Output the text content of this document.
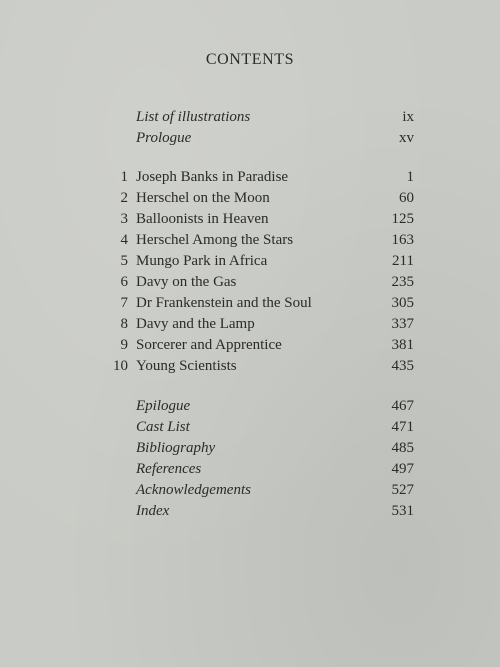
CONTENTS
List of illustrations	ix
Prologue	xv
1 Joseph Banks in Paradise	1
2 Herschel on the Moon	60
3 Balloonists in Heaven	125
4 Herschel Among the Stars	163
5 Mungo Park in Africa	211
6 Davy on the Gas	235
7 Dr Frankenstein and the Soul	305
8 Davy and the Lamp	337
9 Sorcerer and Apprentice	381
10 Young Scientists	435
Epilogue	467
Cast List	471
Bibliography	485
References	497
Acknowledgements	527
Index	531
